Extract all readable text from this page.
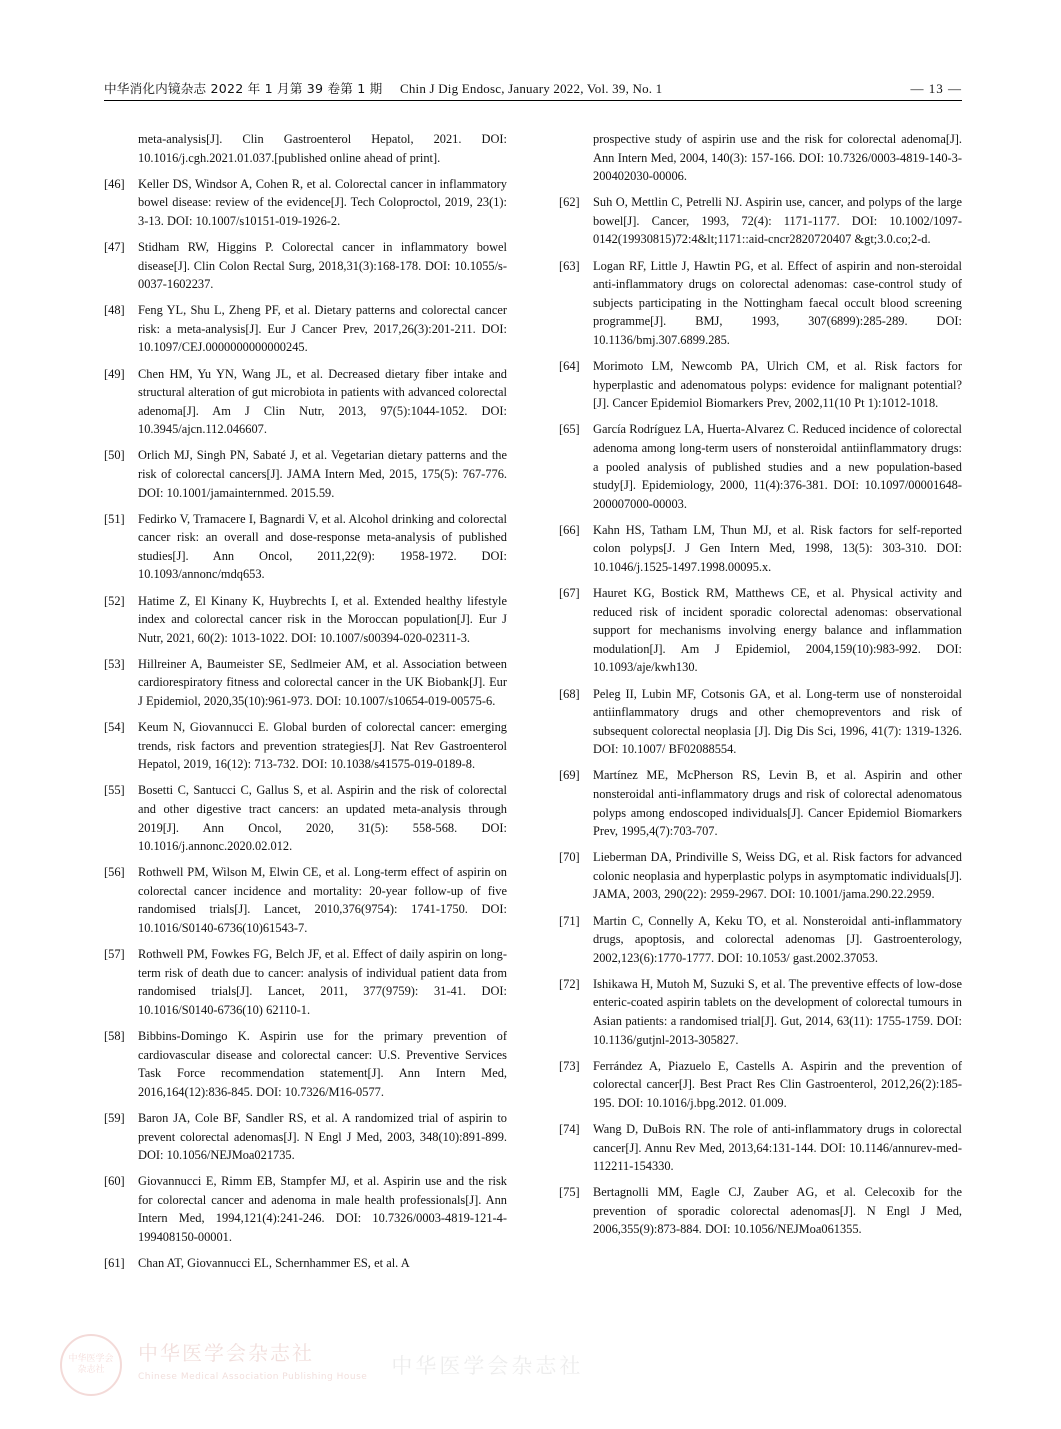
中华消化内镜杂志 2022 年 1 月第 39 卷第 1 期 Chin J Dig Endosc, January 2022, Vol. 39, No. 1	— 13 —
meta-analysis[J]. Clin Gastroenterol Hepatol, 2021. DOI: 10.1016/j.cgh.2021.01.037.[published online ahead of print].
[46]	Keller DS, Windsor A, Cohen R, et al. Colorectal cancer in inflammatory bowel disease: review of the evidence[J]. Tech Coloproctol, 2019, 23(1): 3-13. DOI: 10.1007/s10151-019-1926-2.
[47]	Stidham RW, Higgins P. Colorectal cancer in inflammatory bowel disease[J]. Clin Colon Rectal Surg, 2018,31(3):168-178. DOI: 10.1055/s-0037-1602237.
[48]	Feng YL, Shu L, Zheng PF, et al. Dietary patterns and colorectal cancer risk: a meta-analysis[J]. Eur J Cancer Prev, 2017,26(3):201-211. DOI: 10.1097/CEJ.0000000000000245.
[49]	Chen HM, Yu YN, Wang JL, et al. Decreased dietary fiber intake and structural alteration of gut microbiota in patients with advanced colorectal adenoma[J]. Am J Clin Nutr, 2013, 97(5):1044-1052. DOI: 10.3945/ajcn.112.046607.
[50]	Orlich MJ, Singh PN, Sabaté J, et al. Vegetarian dietary patterns and the risk of colorectal cancers[J]. JAMA Intern Med, 2015, 175(5): 767-776. DOI: 10.1001/jamainternmed. 2015.59.
[51]	Fedirko V, Tramacere I, Bagnardi V, et al. Alcohol drinking and colorectal cancer risk: an overall and dose-response meta-analysis of published studies[J]. Ann Oncol, 2011,22(9): 1958-1972. DOI: 10.1093/annonc/mdq653.
[52]	Hatime Z, El Kinany K, Huybrechts I, et al. Extended healthy lifestyle index and colorectal cancer risk in the Moroccan population[J]. Eur J Nutr, 2021, 60(2): 1013-1022. DOI: 10.1007/s00394-020-02311-3.
[53]	Hillreiner A, Baumeister SE, Sedlmeier AM, et al. Association between cardiorespiratory fitness and colorectal cancer in the UK Biobank[J]. Eur J Epidemiol, 2020,35(10):961-973. DOI: 10.1007/s10654-019-00575-6.
[54]	Keum N, Giovannucci E. Global burden of colorectal cancer: emerging trends, risk factors and prevention strategies[J]. Nat Rev Gastroenterol Hepatol, 2019, 16(12): 713-732. DOI: 10.1038/s41575-019-0189-8.
[55]	Bosetti C, Santucci C, Gallus S, et al. Aspirin and the risk of colorectal and other digestive tract cancers: an updated meta-analysis through 2019[J]. Ann Oncol, 2020, 31(5): 558-568. DOI: 10.1016/j.annonc.2020.02.012.
[56]	Rothwell PM, Wilson M, Elwin CE, et al. Long-term effect of aspirin on colorectal cancer incidence and mortality: 20-year follow-up of five randomised trials[J]. Lancet, 2010,376(9754): 1741-1750. DOI: 10.1016/S0140-6736(10)61543-7.
[57]	Rothwell PM, Fowkes FG, Belch JF, et al. Effect of daily aspirin on long-term risk of death due to cancer: analysis of individual patient data from randomised trials[J]. Lancet, 2011, 377(9759): 31-41. DOI: 10.1016/S0140-6736(10) 62110-1.
[58]	Bibbins-Domingo K. Aspirin use for the primary prevention of cardiovascular disease and colorectal cancer: U.S. Preventive Services Task Force recommendation statement[J]. Ann Intern Med, 2016,164(12):836-845. DOI: 10.7326/M16-0577.
[59]	Baron JA, Cole BF, Sandler RS, et al. A randomized trial of aspirin to prevent colorectal adenomas[J]. N Engl J Med, 2003, 348(10):891-899. DOI: 10.1056/NEJMoa021735.
[60]	Giovannucci E, Rimm EB, Stampfer MJ, et al. Aspirin use and the risk for colorectal cancer and adenoma in male health professionals[J]. Ann Intern Med, 1994,121(4):241-246. DOI: 10.7326/0003-4819-121-4-199408150-00001.
[61]	Chan AT, Giovannucci EL, Schernhammer ES, et al. A
prospective study of aspirin use and the risk for colorectal adenoma[J]. Ann Intern Med, 2004, 140(3): 157-166. DOI: 10.7326/0003-4819-140-3-200402030-00006.
[62]	Suh O, Mettlin C, Petrelli NJ. Aspirin use, cancer, and polyps of the large bowel[J]. Cancer, 1993, 72(4): 1171-1177. DOI: 10.1002/1097-0142(19930815)72:4&lt;1171::aid-cncr2820720407 &gt;3.0.co;2-d.
[63]	Logan RF, Little J, Hawtin PG, et al. Effect of aspirin and non-steroidal anti-inflammatory drugs on colorectal adenomas: case-control study of subjects participating in the Nottingham faecal occult blood screening programme[J]. BMJ, 1993, 307(6899):285-289. DOI: 10.1136/bmj.307.6899.285.
[64]	Morimoto LM, Newcomb PA, Ulrich CM, et al. Risk factors for hyperplastic and adenomatous polyps: evidence for malignant potential?[J]. Cancer Epidemiol Biomarkers Prev, 2002,11(10 Pt 1):1012-1018.
[65]	García Rodríguez LA, Huerta-Alvarez C. Reduced incidence of colorectal adenoma among long-term users of nonsteroidal antiinflammatory drugs: a pooled analysis of published studies and a new population-based study[J]. Epidemiology, 2000, 11(4):376-381. DOI: 10.1097/00001648-200007000-00003.
[66]	Kahn HS, Tatham LM, Thun MJ, et al. Risk factors for self-reported colon polyps[J. J Gen Intern Med, 1998, 13(5): 303-310. DOI: 10.1046/j.1525-1497.1998.00095.x.
[67]	Hauret KG, Bostick RM, Matthews CE, et al. Physical activity and reduced risk of incident sporadic colorectal adenomas: observational support for mechanisms involving energy balance and inflammation modulation[J]. Am J Epidemiol, 2004,159(10):983-992. DOI: 10.1093/aje/kwh130.
[68]	Peleg II, Lubin MF, Cotsonis GA, et al. Long-term use of nonsteroidal antiinflammatory drugs and other chemopreventors and risk of subsequent colorectal neoplasia [J]. Dig Dis Sci, 1996, 41(7): 1319-1326. DOI: 10.1007/ BF02088554.
[69]	Martínez ME, McPherson RS, Levin B, et al. Aspirin and other nonsteroidal anti-inflammatory drugs and risk of colorectal adenomatous polyps among endoscoped individuals[J]. Cancer Epidemiol Biomarkers Prev, 1995,4(7):703-707.
[70]	Lieberman DA, Prindiville S, Weiss DG, et al. Risk factors for advanced colonic neoplasia and hyperplastic polyps in asymptomatic individuals[J]. JAMA, 2003, 290(22): 2959-2967. DOI: 10.1001/jama.290.22.2959.
[71]	Martin C, Connelly A, Keku TO, et al. Nonsteroidal anti-inflammatory drugs, apoptosis, and colorectal adenomas [J]. Gastroenterology, 2002,123(6):1770-1777. DOI: 10.1053/ gast.2002.37053.
[72]	Ishikawa H, Mutoh M, Suzuki S, et al. The preventive effects of low-dose enteric-coated aspirin tablets on the development of colorectal tumours in Asian patients: a randomised trial[J]. Gut, 2014, 63(11): 1755-1759. DOI: 10.1136/gutjnl-2013-305827.
[73]	Ferrández A, Piazuelo E, Castells A. Aspirin and the prevention of colorectal cancer[J]. Best Pract Res Clin Gastroenterol, 2012,26(2):185-195. DOI: 10.1016/j.bpg.2012. 01.009.
[74]	Wang D, DuBois RN. The role of anti-inflammatory drugs in colorectal cancer[J]. Annu Rev Med, 2013,64:131-144. DOI: 10.1146/annurev-med-112211-154330.
[75]	Bertagnolli MM, Eagle CJ, Zauber AG, et al. Celecoxib for the prevention of sporadic colorectal adenomas[J]. N Engl J Med, 2006,355(9):873-884. DOI: 10.1056/NEJMoa061355.
中华医学会杂志社
中华医学会杂志社
Chinese Medical Association Publishing House 中华医学会杂志社
